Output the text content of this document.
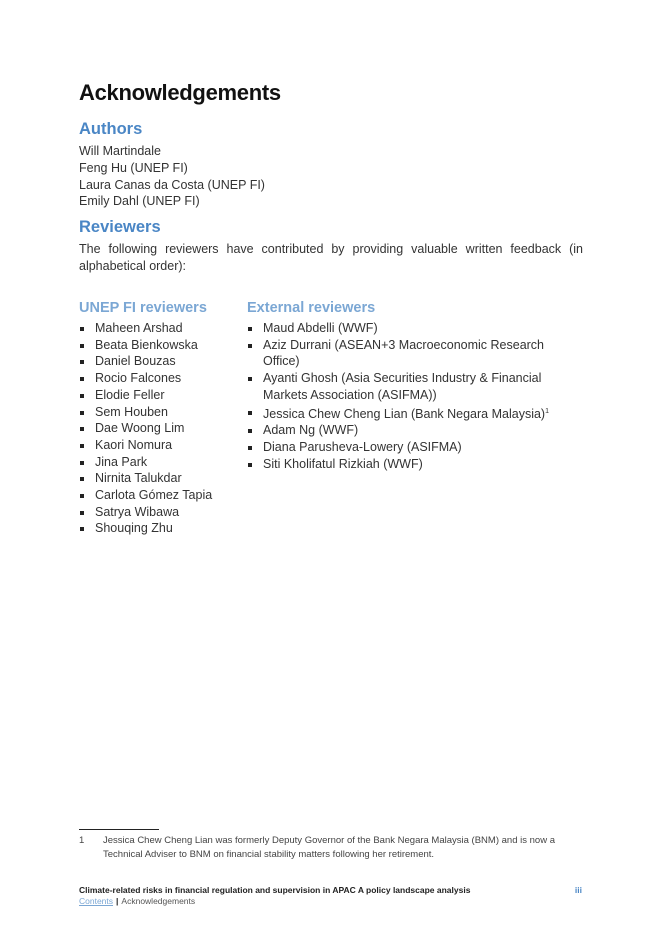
Acknowledgements
Authors
Will Martindale
Feng Hu (UNEP FI)
Laura Canas da Costa (UNEP FI)
Emily Dahl (UNEP FI)
Reviewers
The following reviewers have contributed by providing valuable written feedback (in alphabetical order):
UNEP FI reviewers
Maheen Arshad
Beata Bienkowska
Daniel Bouzas
Rocio Falcones
Elodie Feller
Sem Houben
Dae Woong Lim
Kaori Nomura
Jina Park
Nirnita Talukdar
Carlota Gómez Tapia
Satrya Wibawa
Shouqing Zhu
External reviewers
Maud Abdelli (WWF)
Aziz Durrani (ASEAN+3 Macroeconomic Research Office)
Ayanti Ghosh (Asia Securities Industry & Financial Markets Association (ASIFMA))
Jessica Chew Cheng Lian (Bank Negara Malaysia)$^1$
Adam Ng (WWF)
Diana Parusheva-Lowery (ASIFMA)
Siti Kholifatul Rizkiah (WWF)
1	Jessica Chew Cheng Lian was formerly Deputy Governor of the Bank Negara Malaysia (BNM) and is now a Technical Adviser to BNM on financial stability matters following her retirement.
Climate-related risks in financial regulation and supervision in APAC A policy landscape analysis	iii
Contents | Acknowledgements
